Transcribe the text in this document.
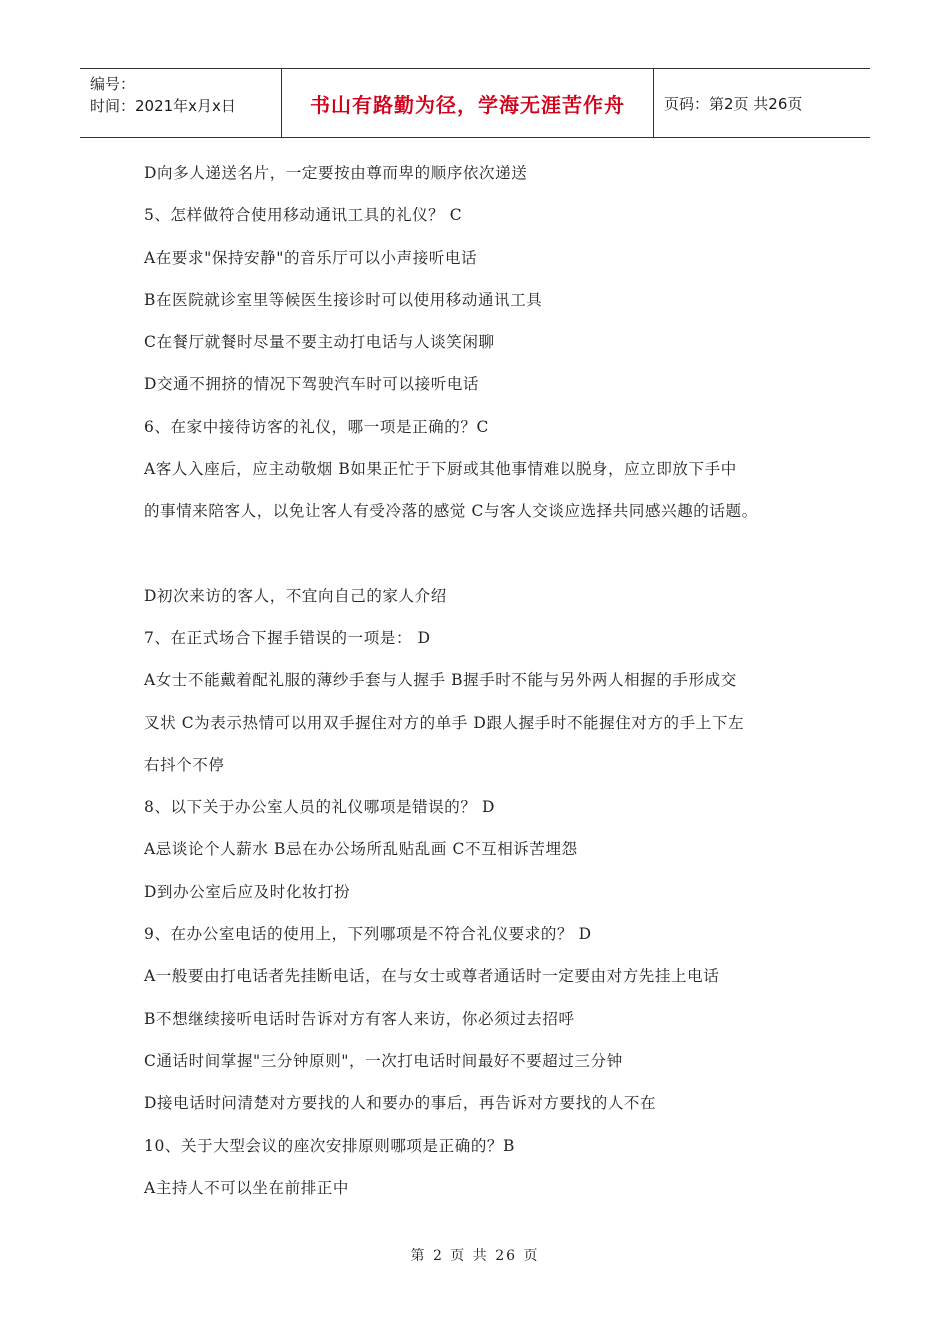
编号：
时间：2021年x月x日	书山有路勤为径，学海无涯苦作舟	页码：第2页 共26页
D向多人递送名片，一定要按由尊而卑的顺序依次递送
5、怎样做符合使用移动通讯工具的礼仪？ C
A在要求"保持安静"的音乐厅可以小声接听电话
B在医院就诊室里等候医生接诊时可以使用移动通讯工具
C在餐厅就餐时尽量不要主动打电话与人谈笑闲聊
D交通不拥挤的情况下驾驶汽车时可以接听电话
6、在家中接待访客的礼仪，哪一项是正确的？C
A客人入座后，应主动敬烟 B如果正忙于下厨或其他事情难以脱身，应立即放下手中
的事情来陪客人，以免让客人有受冷落的感觉 C与客人交谈应选择共同感兴趣的话题。
D初次来访的客人，不宜向自己的家人介绍
7、在正式场合下握手错误的一项是： D
A女士不能戴着配礼服的薄纱手套与人握手 B握手时不能与另外两人相握的手形成交
叉状 C为表示热情可以用双手握住对方的单手 D跟人握手时不能握住对方的手上下左
右抖个不停
8、以下关于办公室人员的礼仪哪项是错误的？ D
A忌谈论个人薪水 B忌在办公场所乱贴乱画 C不互相诉苦埋怨
D到办公室后应及时化妆打扮
9、在办公室电话的使用上，下列哪项是不符合礼仪要求的？ D
A一般要由打电话者先挂断电话，在与女士或尊者通话时一定要由对方先挂上电话
B不想继续接听电话时告诉对方有客人来访，你必须过去招呼
C通话时间掌握"三分钟原则"，一次打电话时间最好不要超过三分钟
D接电话时问清楚对方要找的人和要办的事后，再告诉对方要找的人不在
10、关于大型会议的座次安排原则哪项是正确的？B
A主持人不可以坐在前排正中
第 2 页 共 26 页
